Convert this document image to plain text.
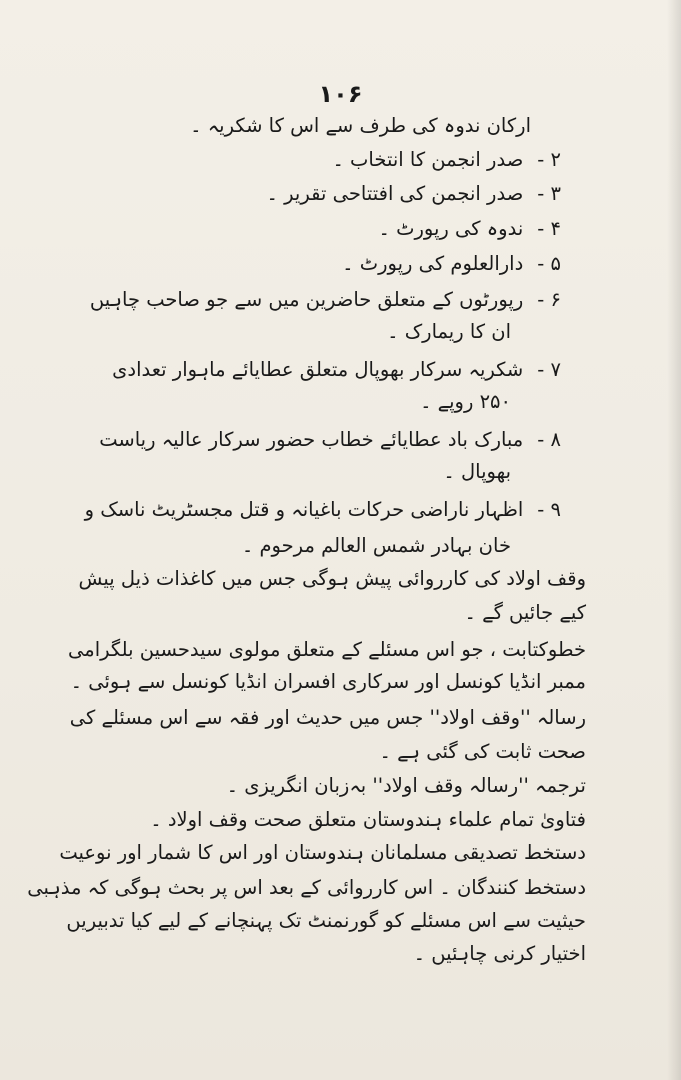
۱۰۶
ارکان ندوہ کی طرف سے اس کا شکریہ ۔
۲ -صدر انجمن کا انتخاب ۔
۳ -صدر انجمن کی افتتاحی تقریر ۔
۴ -ندوہ کی رپورٹ ۔
۵ -دارالعلوم کی رپورٹ ۔
۶ -رپورٹوں کے متعلق حاضرین میں سے جو صاحب چاہیں
ان کا ریمارک ۔
۷ -شکریہ سرکار بھوپال متعلق عطایائے ماہوار تعدادی
۲۵۰ روپے ۔
۸ -مبارک باد عطایائے خطاب حضور سرکار عالیہ ریاست
بھوپال ۔
۹ -اظہار ناراضی حرکات باغیانہ و قتل مجسٹریٹ ناسک و
خان بہادر شمس العالم مرحوم ۔
وقف اولاد کی کارروائی پیش ہوگی جس میں کاغذات ذیل پیش
کیے جائیں گے ۔
خطوکتابت ، جو اس مسئلے کے متعلق مولوی سیدحسین بلگرامی
ممبر انڈیا کونسل اور سرکاری افسران انڈیا کونسل سے ہوئی ۔
رسالہ ''وقف اولاد'' جس میں حدیث اور فقہ سے اس مسئلے کی
صحت ثابت کی گئی ہے ۔
ترجمہ ''رسالہ وقف اولاد'' بہ‌زبان انگریزی ۔
فتاویٰ تمام علماء ہندوستان متعلق صحت وقف اولاد ۔
دستخط تصدیقی مسلمانان ہندوستان اور اس کا شمار اور نوعیت
دستخط کنندگان ۔ اس کارروائی کے بعد اس پر بحث ہوگی کہ مذہبی
حیثیت سے اس مسئلے کو گورنمنٹ تک پہنچانے کے لیے کیا تدبیریں
اختیار کرنی چاہئیں ۔
